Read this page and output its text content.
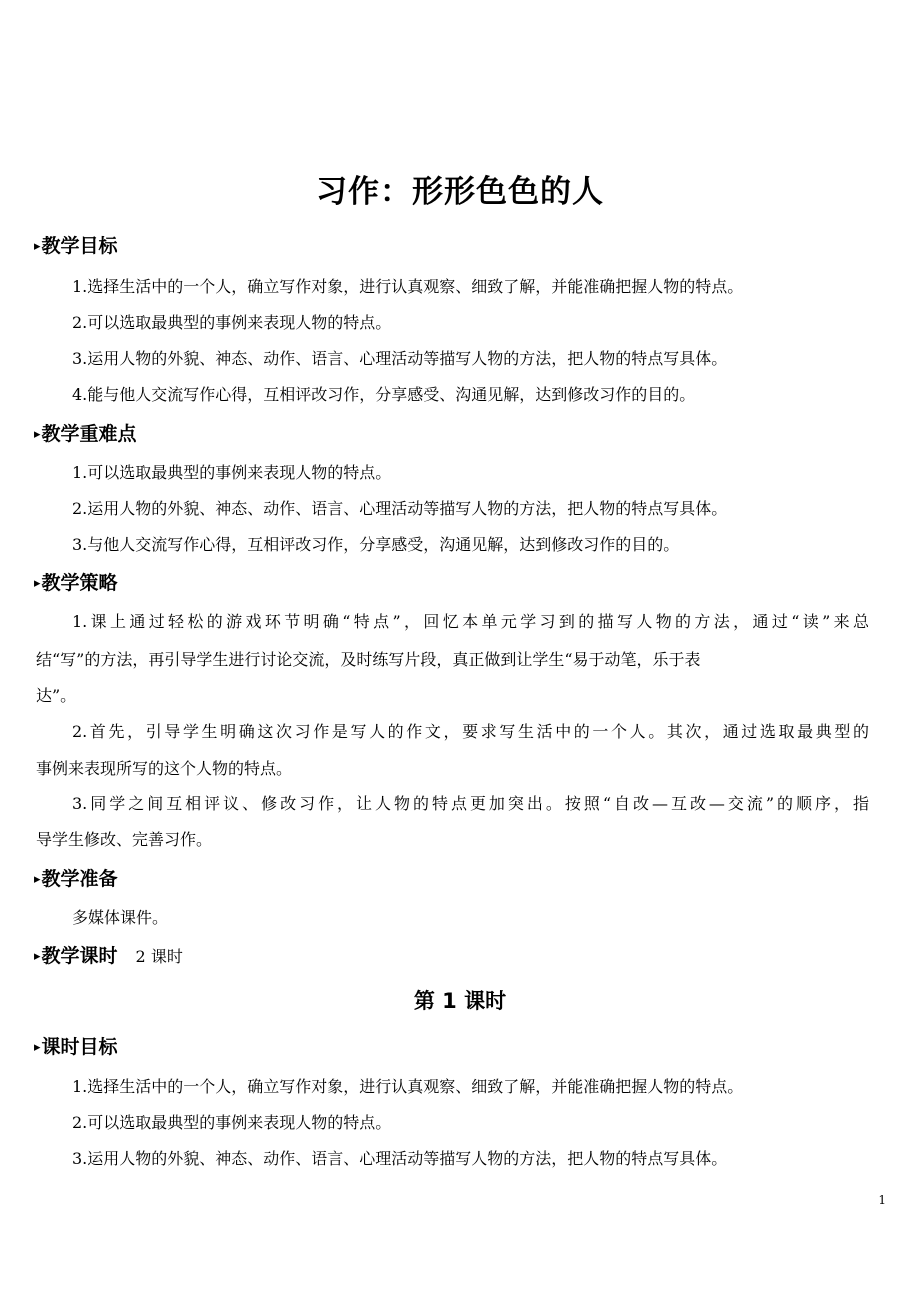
习作：形形色色的人
▸教学目标
1.选择生活中的一个人，确立写作对象，进行认真观察、细致了解，并能准确把握人物的特点。
2.可以选取最典型的事例来表现人物的特点。
3.运用人物的外貌、神态、动作、语言、心理活动等描写人物的方法，把人物的特点写具体。
4.能与他人交流写作心得，互相评改习作，分享感受、沟通见解，达到修改习作的目的。
▸教学重难点
1.可以选取最典型的事例来表现人物的特点。
2.运用人物的外貌、神态、动作、语言、心理活动等描写人物的方法，把人物的特点写具体。
3.与他人交流写作心得，互相评改习作，分享感受，沟通见解，达到修改习作的目的。
▸教学策略
1.课上通过轻松的游戏环节明确“特点”，回忆本单元学习到的描写人物的方法，通过“读”来总
结“写”的方法，再引导学生进行讨论交流，及时练写片段，真正做到让学生“易于动笔，乐于表
达”。
2.首先，引导学生明确这次习作是写人的作文，要求写生活中的一个人。其次，通过选取最典型的
事例来表现所写的这个人物的特点。
3.同学之间互相评议、修改习作，让人物的特点更加突出。按照“自改—互改—交流”的顺序，指
导学生修改、完善习作。
▸教学准备
多媒体课件。
▸教学课时 2 课时
第 1 课时
▸课时目标
1.选择生活中的一个人，确立写作对象，进行认真观察、细致了解，并能准确把握人物的特点。
2.可以选取最典型的事例来表现人物的特点。
3.运用人物的外貌、神态、动作、语言、心理活动等描写人物的方法，把人物的特点写具体。
1
